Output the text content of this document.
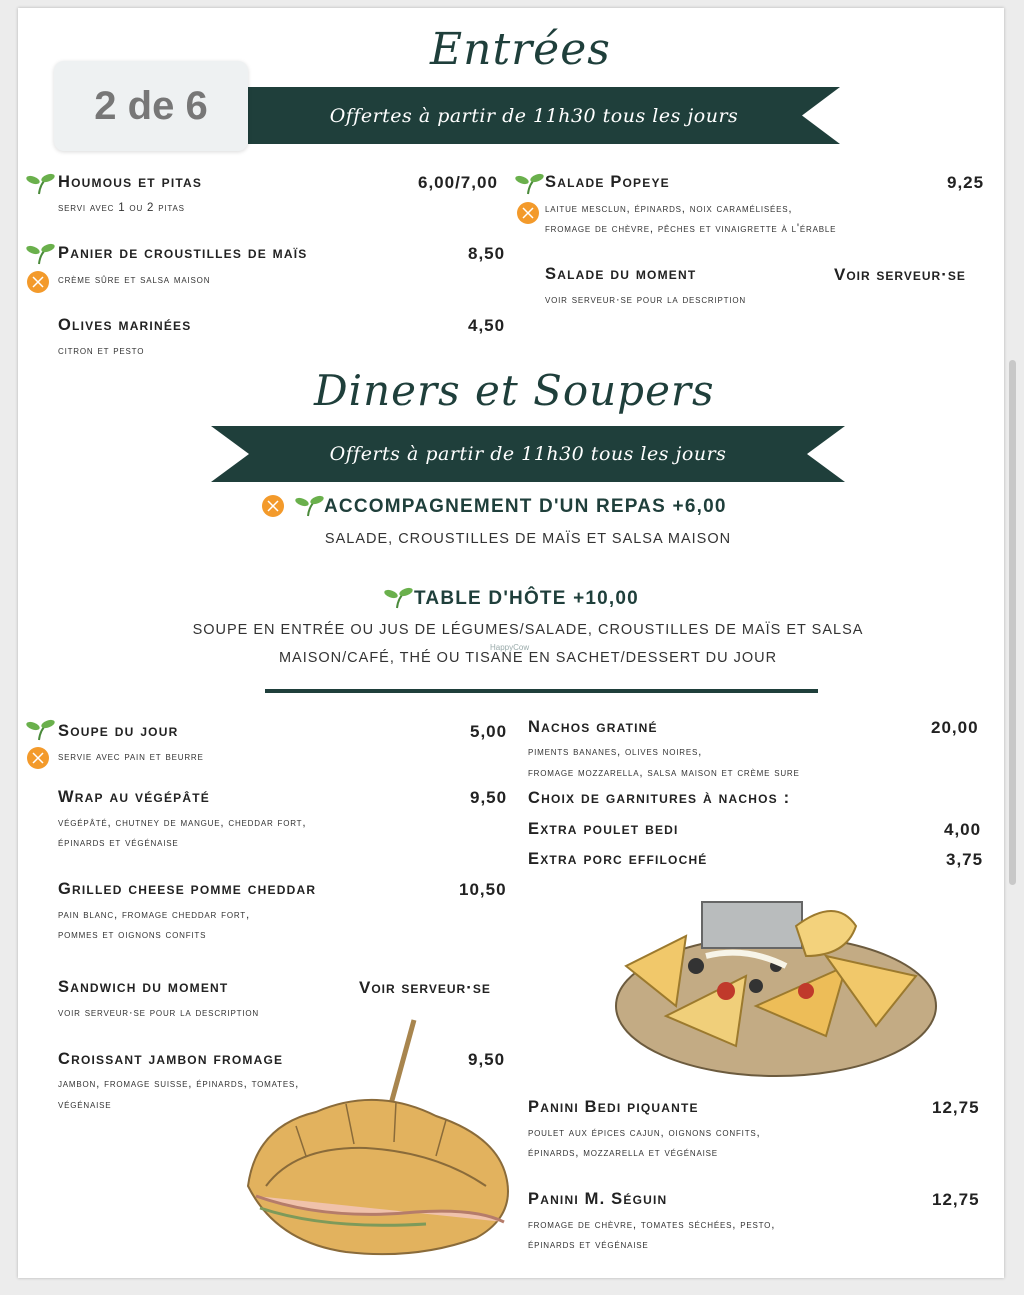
Entrées
Offertes à partir de 11h30 tous les jours
2 de 6
Houmous et pitas	6,00/7,00
servi avec 1 ou 2 pitas
Panier de croustilles de maïs	8,50
crème sûre et salsa maison
Olives marinées	4,50
citron et pesto
Salade Popeye	9,25
laitue mesclun, épinards, noix caramélisées,
fromage de chèvre, pêches et vinaigrette à l'érable
Salade du moment	Voir serveur·se
voir serveur·se pour la description
Diners et Soupers
Offerts à partir de 11h30 tous les jours
ACCOMPAGNEMENT D'UN REPAS +6,00
SALADE, CROUSTILLES DE MAÏS ET SALSA MAISON
TABLE D'HÔTE +10,00
SOUPE EN ENTRÉE OU JUS DE LÉGUMES/SALADE, CROUSTILLES DE MAÏS ET SALSA
MAISON/CAFÉ, THÉ OU TISANE EN SACHET/DESSERT DU JOUR
HappyCow
Soupe du jour	5,00
servie avec pain et beurre
Wrap au végépâté	9,50
végépâté, chutney de mangue, cheddar fort,
épinards et végénaise
Grilled cheese pomme cheddar	10,50
pain blanc, fromage cheddar fort,
pommes et oignons confits
Sandwich du moment	Voir serveur·se
voir serveur·se pour la description
Croissant jambon fromage	9,50
jambon, fromage suisse, épinards, tomates,
végénaise
Nachos gratiné	20,00
piments bananes, olives noires,
fromage mozzarella, salsa maison et crème sure
Choix de garnitures à nachos :
Extra poulet bedi	4,00
Extra porc effiloché	3,75
Panini Bedi piquante	12,75
poulet aux épices cajun, oignons confits,
épinards, mozzarella et végénaise
Panini M. Séguin	12,75
fromage de chèvre, tomates séchées, pesto,
épinards et végénaise
